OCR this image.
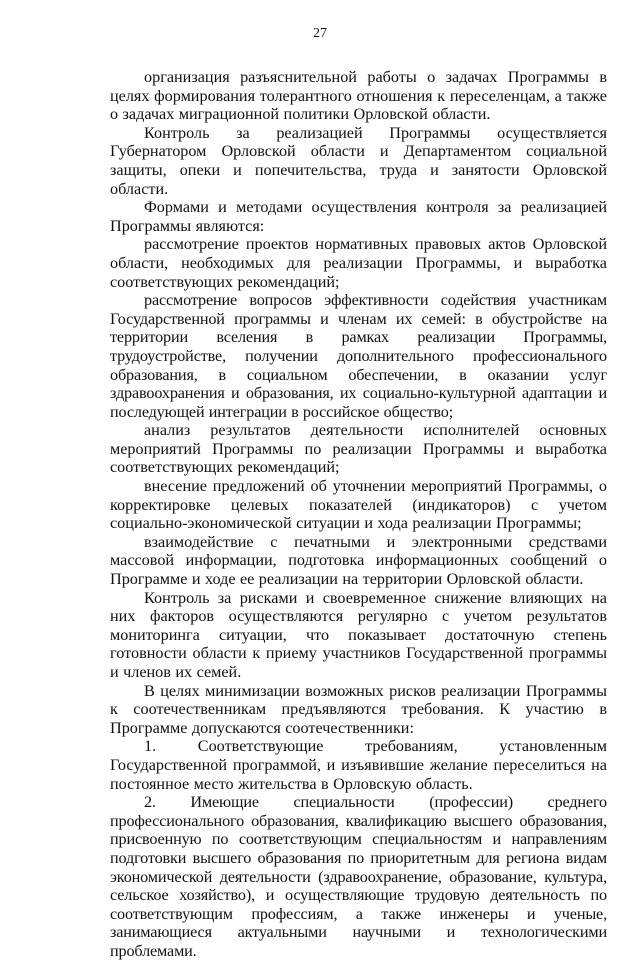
27

организация разъяснительной работы о задачах Программы в целях формирования толерантного отношения к переселенцам, а также о задачах миграционной политики Орловской области.

Контроль за реализацией Программы осуществляется Губернатором Орловской области и Департаментом социальной защиты, опеки и попечительства, труда и занятости Орловской области.

Формами и методами осуществления контроля за реализацией Программы являются:

рассмотрение проектов нормативных правовых актов Орловской области, необходимых для реализации Программы, и выработка соответствующих рекомендаций;

рассмотрение вопросов эффективности содействия участникам Государственной программы и членам их семей: в обустройстве на территории вселения в рамках реализации Программы, трудоустройстве, получении дополнительного профессионального образования, в социальном обеспечении, в оказании услуг здравоохранения и образования, их социально-культурной адаптации и последующей интеграции в российское общество;

анализ результатов деятельности исполнителей основных мероприятий Программы по реализации Программы и выработка соответствующих рекомендаций;

внесение предложений об уточнении мероприятий Программы, о корректировке целевых показателей (индикаторов) с учетом социально-экономической ситуации и хода реализации Программы;

взаимодействие с печатными и электронными средствами массовой информации, подготовка информационных сообщений о Программе и ходе ее реализации на территории Орловской области.

Контроль за рисками и своевременное снижение влияющих на них факторов осуществляются регулярно с учетом результатов мониторинга ситуации, что показывает достаточную степень готовности области к приему участников Государственной программы и членов их семей.

В целях минимизации возможных рисков реализации Программы к соотечественникам предъявляются требования. К участию в Программе допускаются соотечественники:

1. Соответствующие требованиям, установленным Государственной программой, и изъявившие желание переселиться на постоянное место жительства в Орловскую область.

2. Имеющие специальности (профессии) среднего профессионального образования, квалификацию высшего образования, присвоенную по соответствующим специальностям и направлениям подготовки высшего образования по приоритетным для региона видам экономической деятельности (здравоохранение, образование, культура, сельское хозяйство), и осуществляющие трудовую деятельность по соответствующим профессиям, а также инженеры и ученые, занимающиеся актуальными научными и технологическими проблемами.
